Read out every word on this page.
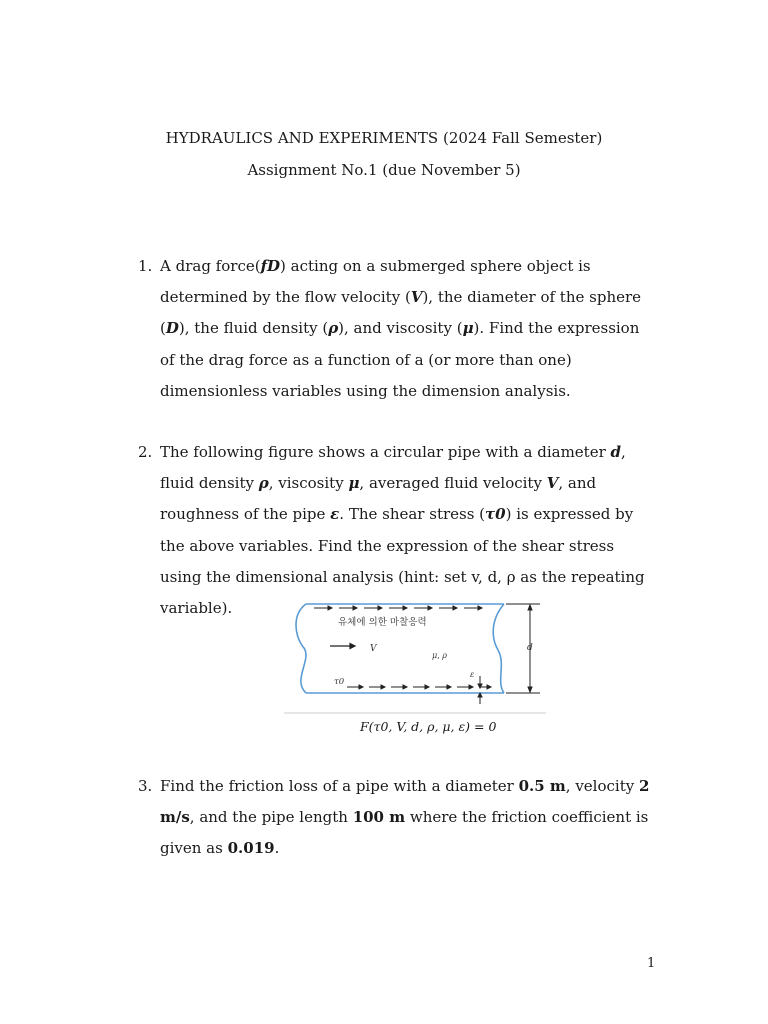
HYDRAULICS AND EXPERIMENTS (2024 Fall Semester)
Assignment No.1 (due November 5)
1. A drag force(fD) acting on a submerged sphere object is determined by the flow velocity (V), the diameter of the sphere (D), the fluid density (ρ), and viscosity (μ). Find the expression of the drag force as a function of a (or more than one) dimensionless variables using the dimension analysis.
2. The following figure shows a circular pipe with a diameter d, fluid density ρ, viscosity μ, averaged fluid velocity V, and roughness of the pipe ε. The shear stress (τ0) is expressed by the above variables. Find the expression of the shear stress using the dimensional analysis (hint: set v, d, ρ as the repeating variable).
유체에 의한 마찰응력
V
μ, ρ
d
ε
τ0
F(τ0, V, d, ρ, μ, ε) = 0
3. Find the friction loss of a pipe with a diameter 0.5 m, velocity 2 m/s, and the pipe length 100 m where the friction coefficient is given as 0.019.
1
